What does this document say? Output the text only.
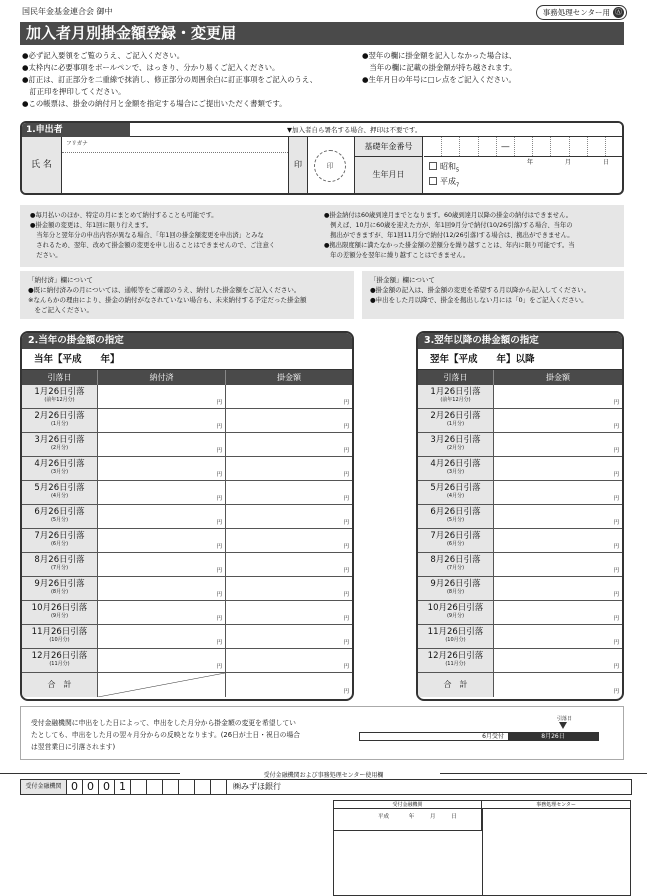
国民年金基金連合会 御中	事務処理センター用 Ⓐ
加入者月別掛金額登録・変更届
●必ず記入要領をご覧のうえ、ご記入ください。
●太枠内に必要事項をボールペンで、はっきり、分かり易くご記入ください。
●訂正は、訂正部分を二重線で抹消し、修正部分の周囲余白に訂正事項をご記入のうえ、
　訂正印を押印してください。
●この帳票は、掛金の納付月と金額を指定する場合にご提出いただく書類です。
●翌年の欄に掛金額を記入しなかった場合は、
　当年の欄に記載の掛金額が持ち越されます。
●生年月日の年号に□レ点をご記入ください。
1.申出者	▼加入者自ら署名する場合、押印は不要です。
氏 名
フリガナ
印	印
基礎年金番号	―
生年月日
昭和$_5$
平成$_7$
年	月	日
●毎月払いのほか、特定の月にまとめて納付することも可能です。
●掛金額の変更は、年1回に限り行えます。
　当年分と翌年分の申出内容が異なる場合、「年1回の掛金額変更を申出済」とみな
　されるため、翌年、改めて掛金額の変更を申し出ることはできませんので、ご注意く
　ださい。
●掛金納付は60歳到達月までとなります。60歳到達月以降の掛金の納付はできません。
　例えば、10月に60歳を迎えた方が、年1回9月分で納付(10/26引落)する場合、当年の
　拠出ができますが、年1回11月分で納付(12/26引落)する場合は、拠出ができません。
●拠出限度額に満たなかった掛金額の差額分を繰り越すことは、年内に限り可能です。当
　年の差額分を翌年に繰り越すことはできません。
「納付済」欄について
●既に納付済みの月については、通帳等をご確認のうえ、納付した掛金額をご記入ください。
※なんらかの理由により、掛金の納付がなされていない場合も、未来納付する予定だった掛金額
　をご記入ください。
「掛金額」欄について
●掛金額の記入は、掛金額の変更を希望する月以降から記入してください。
●申出をした月以降で、掛金を拠出しない月には「0」をご記入ください。
2.当年の掛金額の指定
当年【平成　　年】
引落日	納付済	掛金額
1月26日引落
(前年12月分)	円	円
2月26日引落
(1月分)	円	円
3月26日引落
(2月分)	円	円
4月26日引落
(3月分)	円	円
5月26日引落
(4月分)	円	円
6月26日引落
(5月分)	円	円
7月26日引落
(6月分)	円	円
8月26日引落
(7月分)	円	円
9月26日引落
(8月分)	円	円
10月26日引落
(9月分)	円	円
11月26日引落
(10月分)	円	円
12月26日引落
(11月分)	円	円
合　計
円
3.翌年以降の掛金額の指定
翌年【平成　　年】以降
引落日	掛金額
1月26日引落
(前年12月分)	円
2月26日引落
(1月分)	円
3月26日引落
(2月分)	円
4月26日引落
(3月分)	円
5月26日引落
(4月分)	円
6月26日引落
(5月分)	円
7月26日引落
(6月分)	円
8月26日引落
(7月分)	円
9月26日引落
(8月分)	円
10月26日引落
(9月分)	円
11月26日引落
(10月分)	円
12月26日引落
(11月分)	円
合　計
円
受付金融機関に申出をした日によって、申出をした月分から掛金額の変更を希望してい
たとしても、申出をした月の翌々月分からの反映となります。(26日が土日・祝日の場合
は翌営業日に引落されます)
引落日
6月受付	8月26日
受付金融機関および事務処理センター使用欄
受付金融機関 0 0 0 1	㈱みずほ銀行
受付金融機関	事務処理センター
平成	年	月	日
